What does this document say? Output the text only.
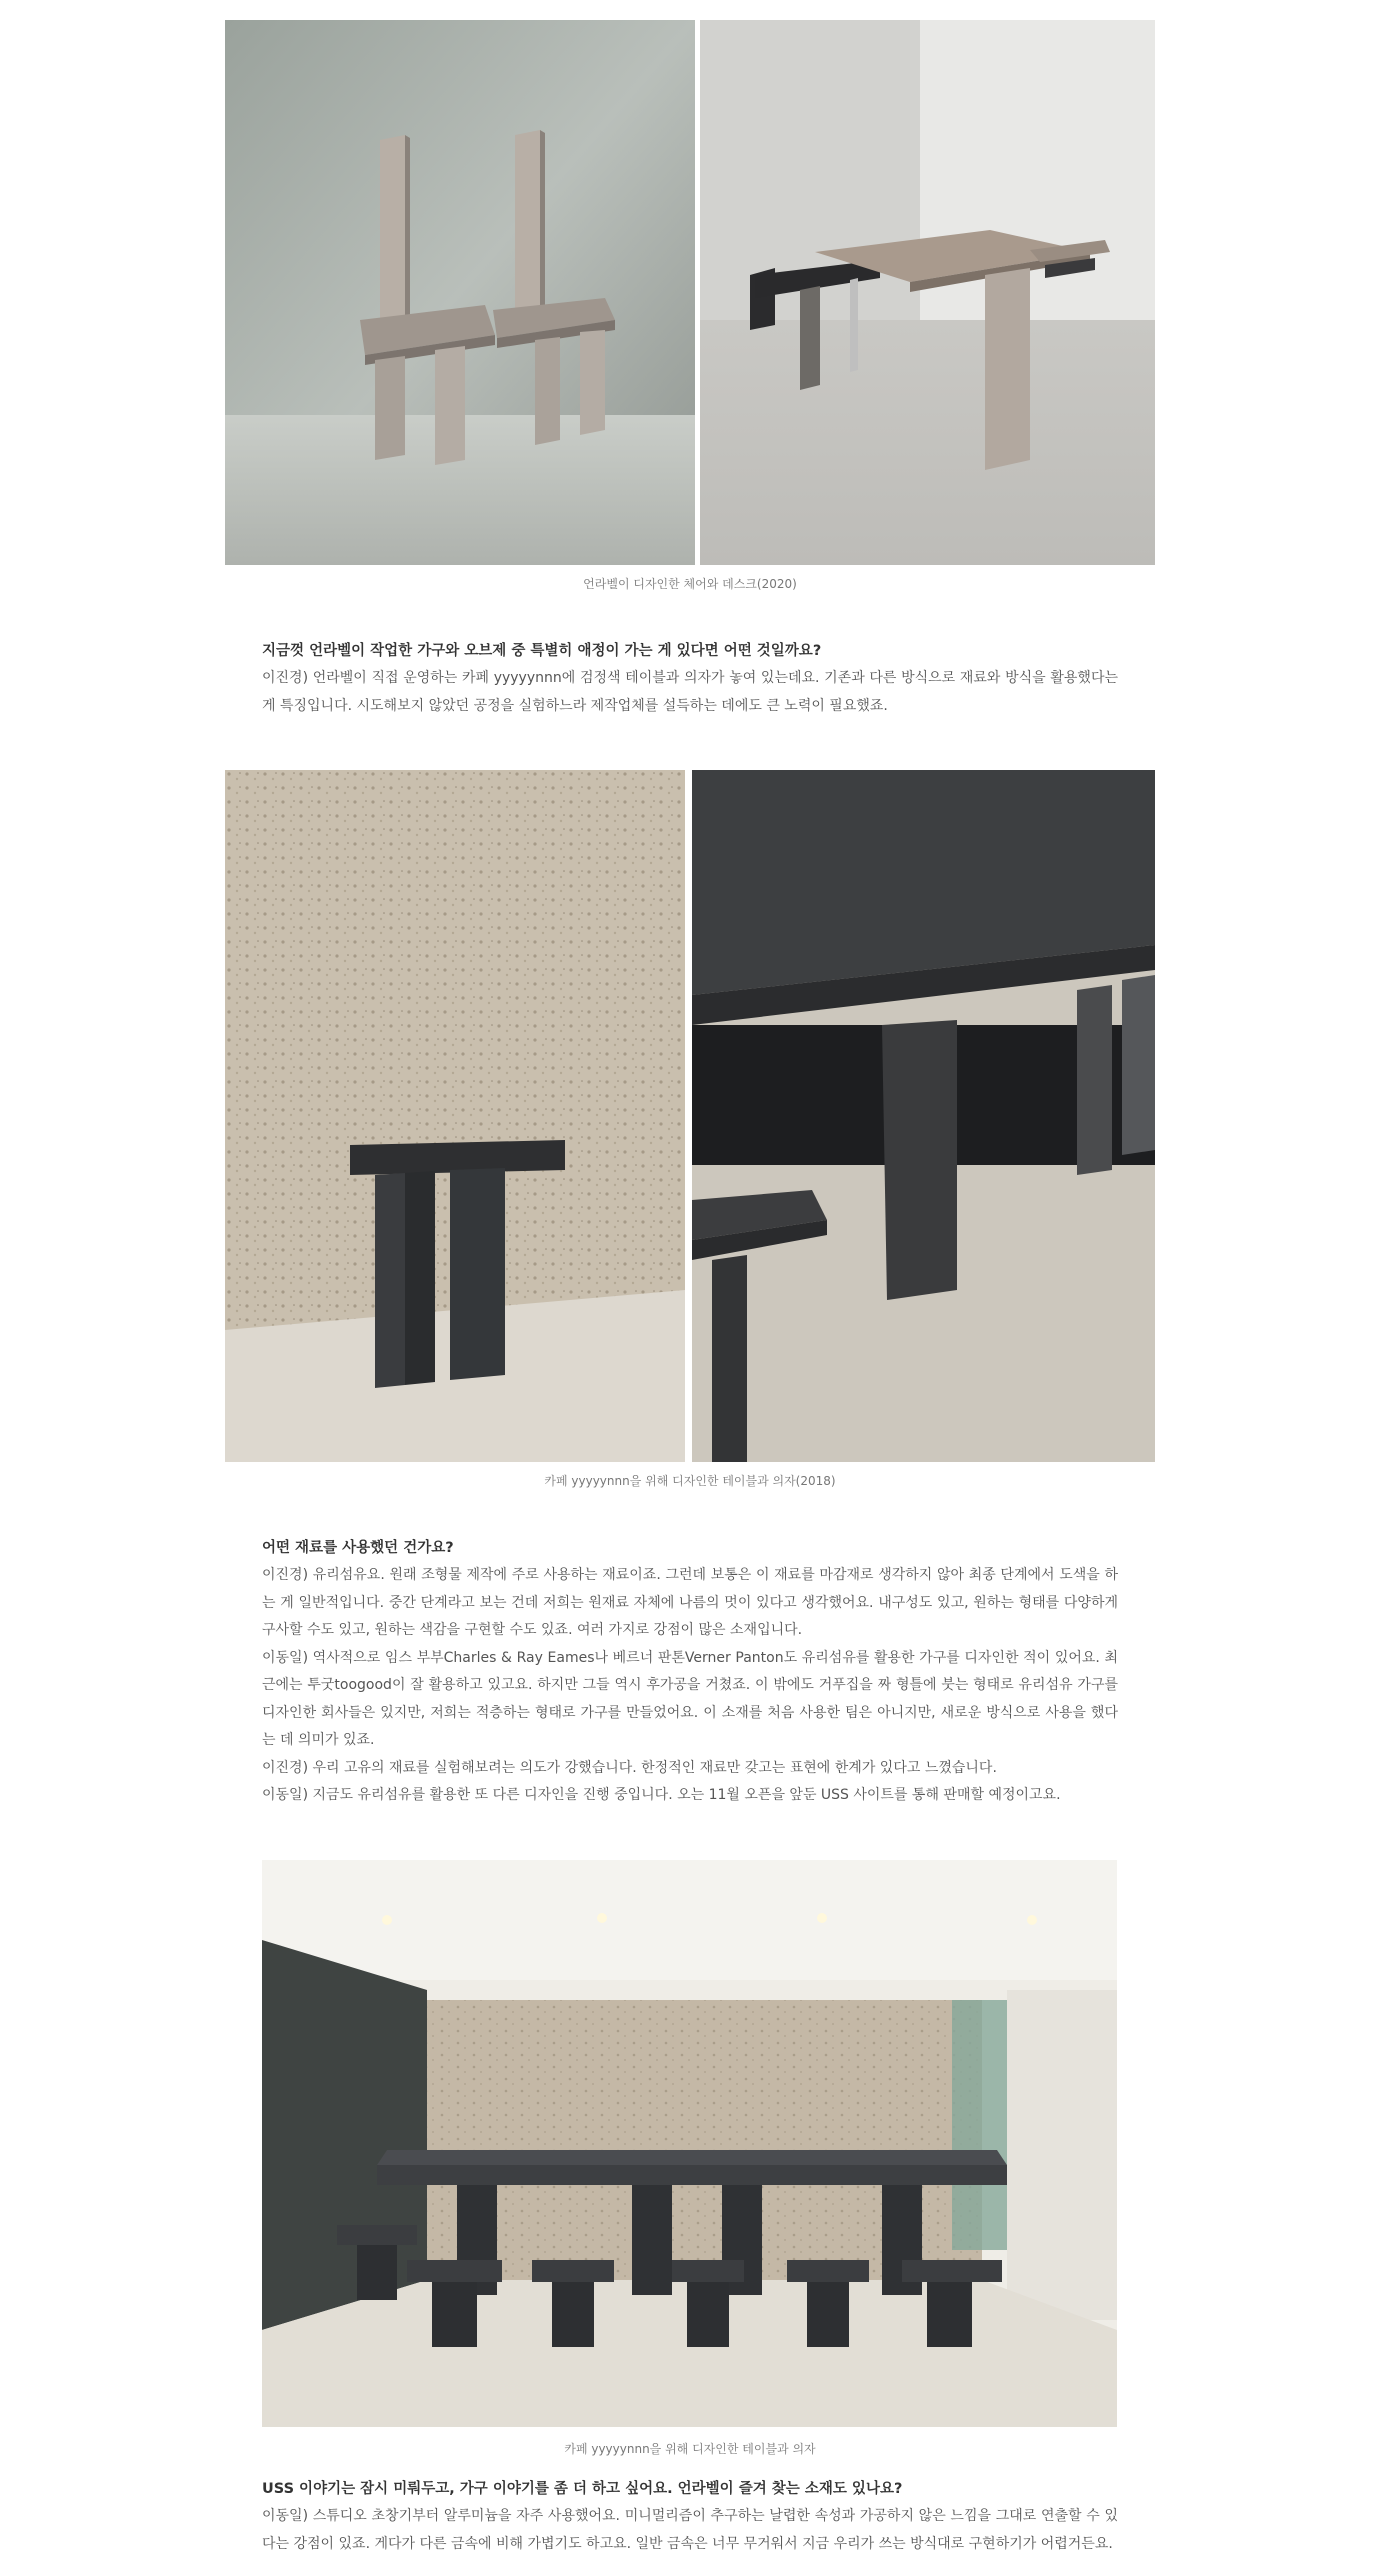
언라벨이 디자인한 체어와 데스크(2020)

지금껏 언라벨이 작업한 가구와 오브제 중 특별히 애정이 가는 게 있다면 어떤 것일까요?

이진경) 언라벨이 직접 운영하는 카페 yyyyynnn에 검정색 테이블과 의자가 놓여 있는데요. 기존과 다른 방식으로 재료와 방식을 활용했다는 게 특징입니다. 시도해보지 않았던 공정을 실험하느라 제작업체를 설득하는 데에도 큰 노력이 필요했죠.

카페 yyyyynnn을 위해 디자인한 테이블과 의자(2018)

어떤 재료를 사용했던 건가요?

이진경) 유리섬유요. 원래 조형물 제작에 주로 사용하는 재료이죠. 그런데 보통은 이 재료를 마감재로 생각하지 않아 최종 단계에서 도색을 하는 게 일반적입니다. 중간 단계라고 보는 건데 저희는 원재료 자체에 나름의 멋이 있다고 생각했어요. 내구성도 있고, 원하는 형태를 다양하게 구사할 수도 있고, 원하는 색감을 구현할 수도 있죠. 여러 가지로 강점이 많은 소재입니다.

이동일) 역사적으로 임스 부부Charles & Ray Eames나 베르너 판톤Verner Panton도 유리섬유를 활용한 가구를 디자인한 적이 있어요. 최근에는 투굿toogood이 잘 활용하고 있고요. 하지만 그들 역시 후가공을 거쳤죠. 이 밖에도 거푸집을 짜 형틀에 붓는 형태로 유리섬유 가구를 디자인한 회사들은 있지만, 저희는 적층하는 형태로 가구를 만들었어요. 이 소재를 처음 사용한 팀은 아니지만, 새로운 방식으로 사용을 했다는 데 의미가 있죠.

이진경) 우리 고유의 재료를 실험해보려는 의도가 강했습니다. 한정적인 재료만 갖고는 표현에 한계가 있다고 느꼈습니다.

이동일) 지금도 유리섬유를 활용한 또 다른 디자인을 진행 중입니다. 오는 11월 오픈을 앞둔 USS 사이트를 통해 판매할 예정이고요.

카페 yyyyynnn을 위해 디자인한 테이블과 의자

USS 이야기는 잠시 미뤄두고, 가구 이야기를 좀 더 하고 싶어요. 언라벨이 즐겨 찾는 소재도 있나요?

이동일) 스튜디오 초창기부터 알루미늄을 자주 사용했어요. 미니멀리즘이 추구하는 날렵한 속성과 가공하지 않은 느낌을 그대로 연출할 수 있다는 강점이 있죠. 게다가 다른 금속에 비해 가볍기도 하고요. 일반 금속은 너무 무거워서 지금 우리가 쓰는 방식대로 구현하기가 어렵거든요.
